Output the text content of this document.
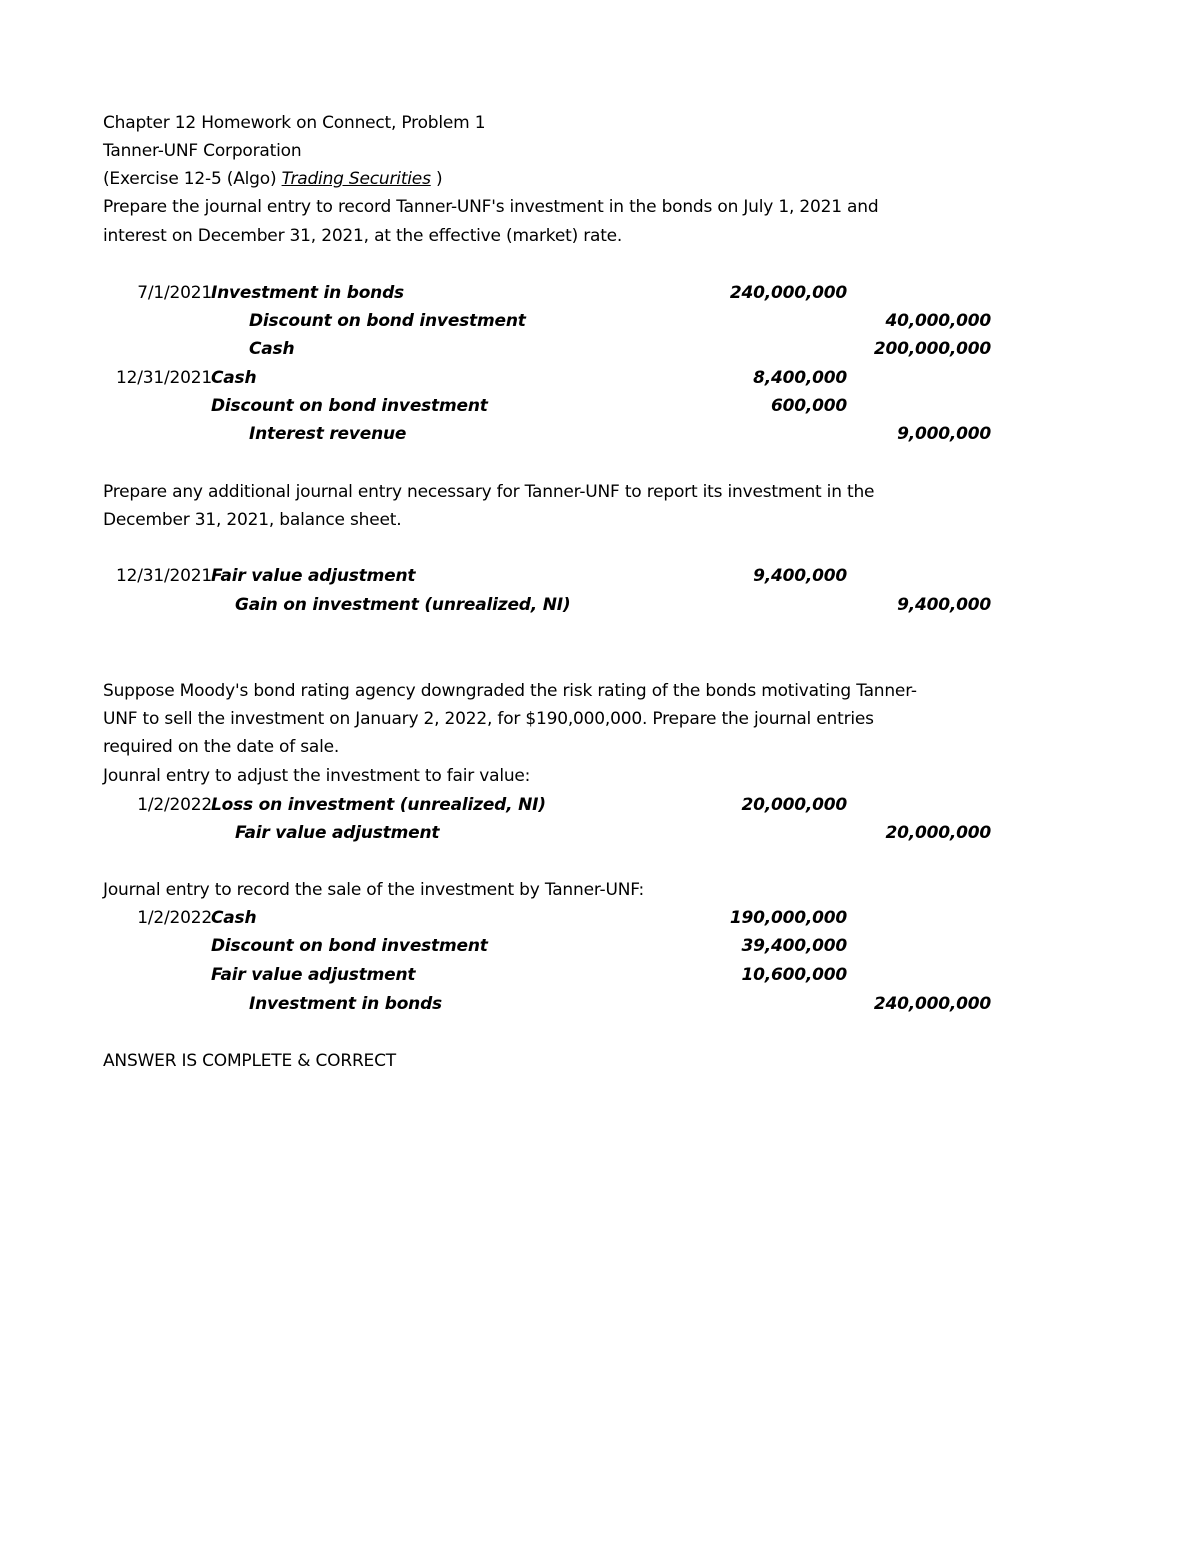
Chapter 12 Homework on Connect, Problem 1
Tanner-UNF Corporation
(Exercise 12-5 (Algo) Trading Securities )
Prepare the journal entry to record Tanner-UNF's investment in the bonds on July 1, 2021 and
interest on December 31, 2021, at the effective (market) rate.
7/1/2021 Investment in bonds	240,000,000
Discount on bond investment	40,000,000
Cash	200,000,000
12/31/2021 Cash	8,400,000
Discount on bond investment	600,000
Interest revenue	9,000,000
Prepare any additional journal entry necessary for Tanner-UNF to report its investment in the
December 31, 2021, balance sheet.
12/31/2021 Fair value adjustment	9,400,000
Gain on investment (unrealized, NI)	9,400,000
Suppose Moody's bond rating agency downgraded the risk rating of the bonds motivating Tanner-
UNF to sell the investment on January 2, 2022, for $190,000,000. Prepare the journal entries
required on the date of sale.
Jounral entry to adjust the investment to fair value:
1/2/2022 Loss on investment (unrealized, NI)	20,000,000
Fair value adjustment	20,000,000
Journal entry to record the sale of the investment by Tanner-UNF:
1/2/2022 Cash	190,000,000
Discount on bond investment	39,400,000
Fair value adjustment	10,600,000
Investment in bonds	240,000,000
ANSWER IS COMPLETE & CORRECT
